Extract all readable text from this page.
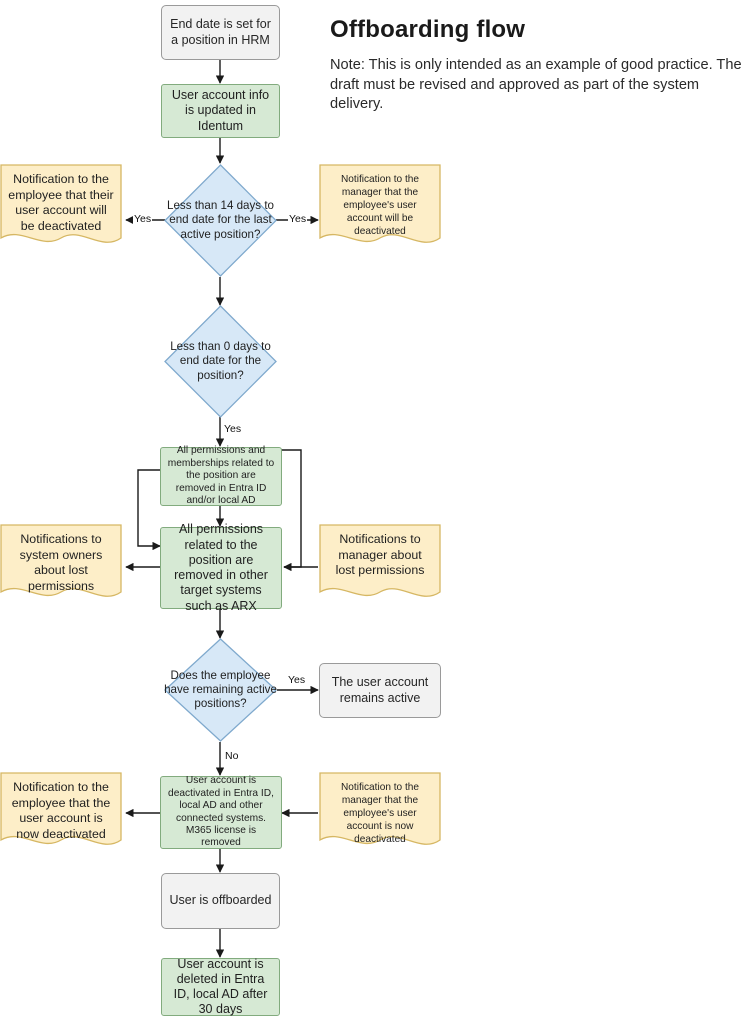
Offboarding flow
Note: This is only intended as an example of good practice. The draft must be revised and approved as part of the system delivery.
End date is set for a position in HRM
User account info is updated in Identum
Less than 14 days to end date for the last active position?
Notification to the employee that their user account will be deactivated
Notification to the manager that the employee's user account will be deactivated
Yes	Yes
Less than 0 days to end date for the position?
Yes
All permissions and memberships related to the position are removed in Entra ID and/or local AD
All permissions related to the position are removed in other target systems such as ARX
Notifications to system owners about lost permissions
Notifications to manager about lost permissions
Does the employee have remaining active positions?
Yes
No
The user account remains active
User account is deactivated in Entra ID, local AD and other connected systems. M365 license is removed
Notification to the employee that the user account is now deactivated
Notification to the manager that the employee's user account is now deactivated
User is offboarded
User account is deleted in Entra ID, local AD after 30 days
